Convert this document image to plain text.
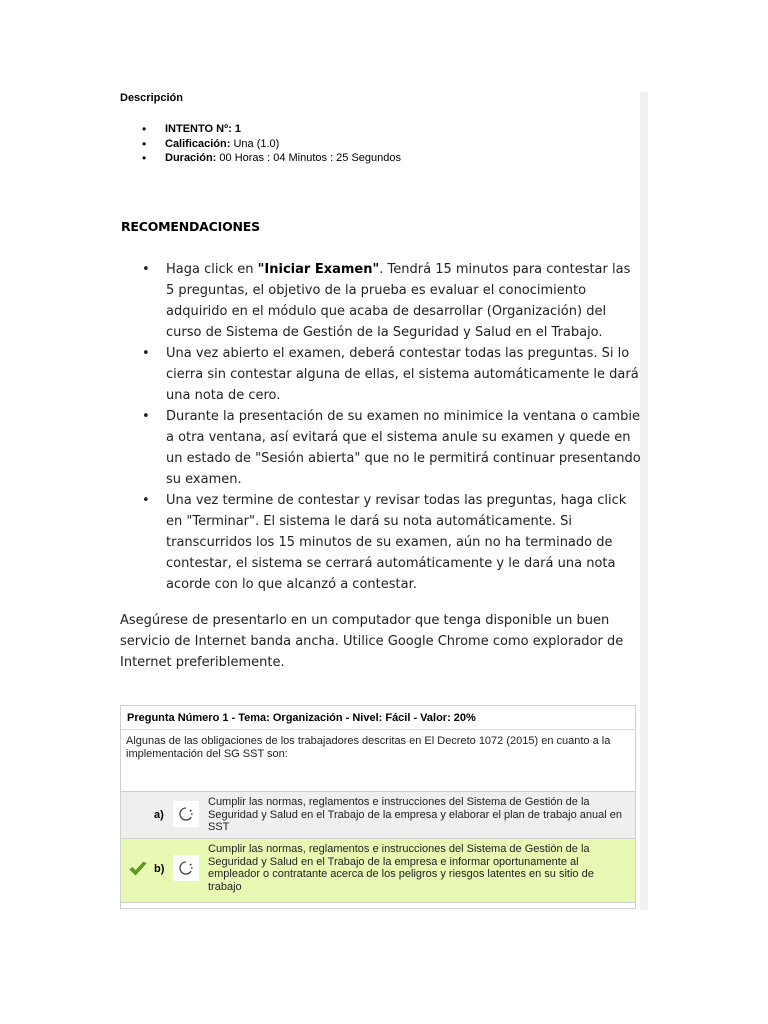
Descripción
• INTENTO Nº: 1
• Calificación: Una (1.0)
• Duración: 00 Horas : 04 Minutos : 25 Segundos
RECOMENDACIONES
• Haga click en "Iniciar Examen". Tendrá 15 minutos para contestar las 5 preguntas, el objetivo de la prueba es evaluar el conocimiento adquirido en el módulo que acaba de desarrollar (Organización) del curso de Sistema de Gestión de la Seguridad y Salud en el Trabajo.
• Una vez abierto el examen, deberá contestar todas las preguntas. Si lo cierra sin contestar alguna de ellas, el sistema automáticamente le dará una nota de cero.
• Durante la presentación de su examen no minimice la ventana o cambie a otra ventana, así evitará que el sistema anule su examen y quede en un estado de "Sesión abierta" que no le permitirá continuar presentando su examen.
• Una vez termine de contestar y revisar todas las preguntas, haga click en "Terminar". El sistema le dará su nota automáticamente. Si transcurridos los 15 minutos de su examen, aún no ha terminado de contestar, el sistema se cerrará automáticamente y le dará una nota acorde con lo que alcanzó a contestar.
Asegúrese de presentarlo en un computador que tenga disponible un buen servicio de Internet banda ancha. Utilice Google Chrome como explorador de Internet preferiblemente.
Pregunta Número 1 - Tema: Organización - Nivel: Fácil - Valor: 20%
Algunas de las obligaciones de los trabajadores descritas en El Decreto 1072 (2015) en cuanto a la implementación del SG SST son:
a)
Cumplir las normas, reglamentos e instrucciones del Sistema de Gestión de la Seguridad y Salud en el Trabajo de la empresa y elaborar el plan de trabajo anual en SST
b)
Cumplir las normas, reglamentos e instrucciones del Sistema de Gestión de la Seguridad y Salud en el Trabajo de la empresa e informar oportunamente al empleador o contratante acerca de los peligros y riesgos latentes en su sitio de trabajo
